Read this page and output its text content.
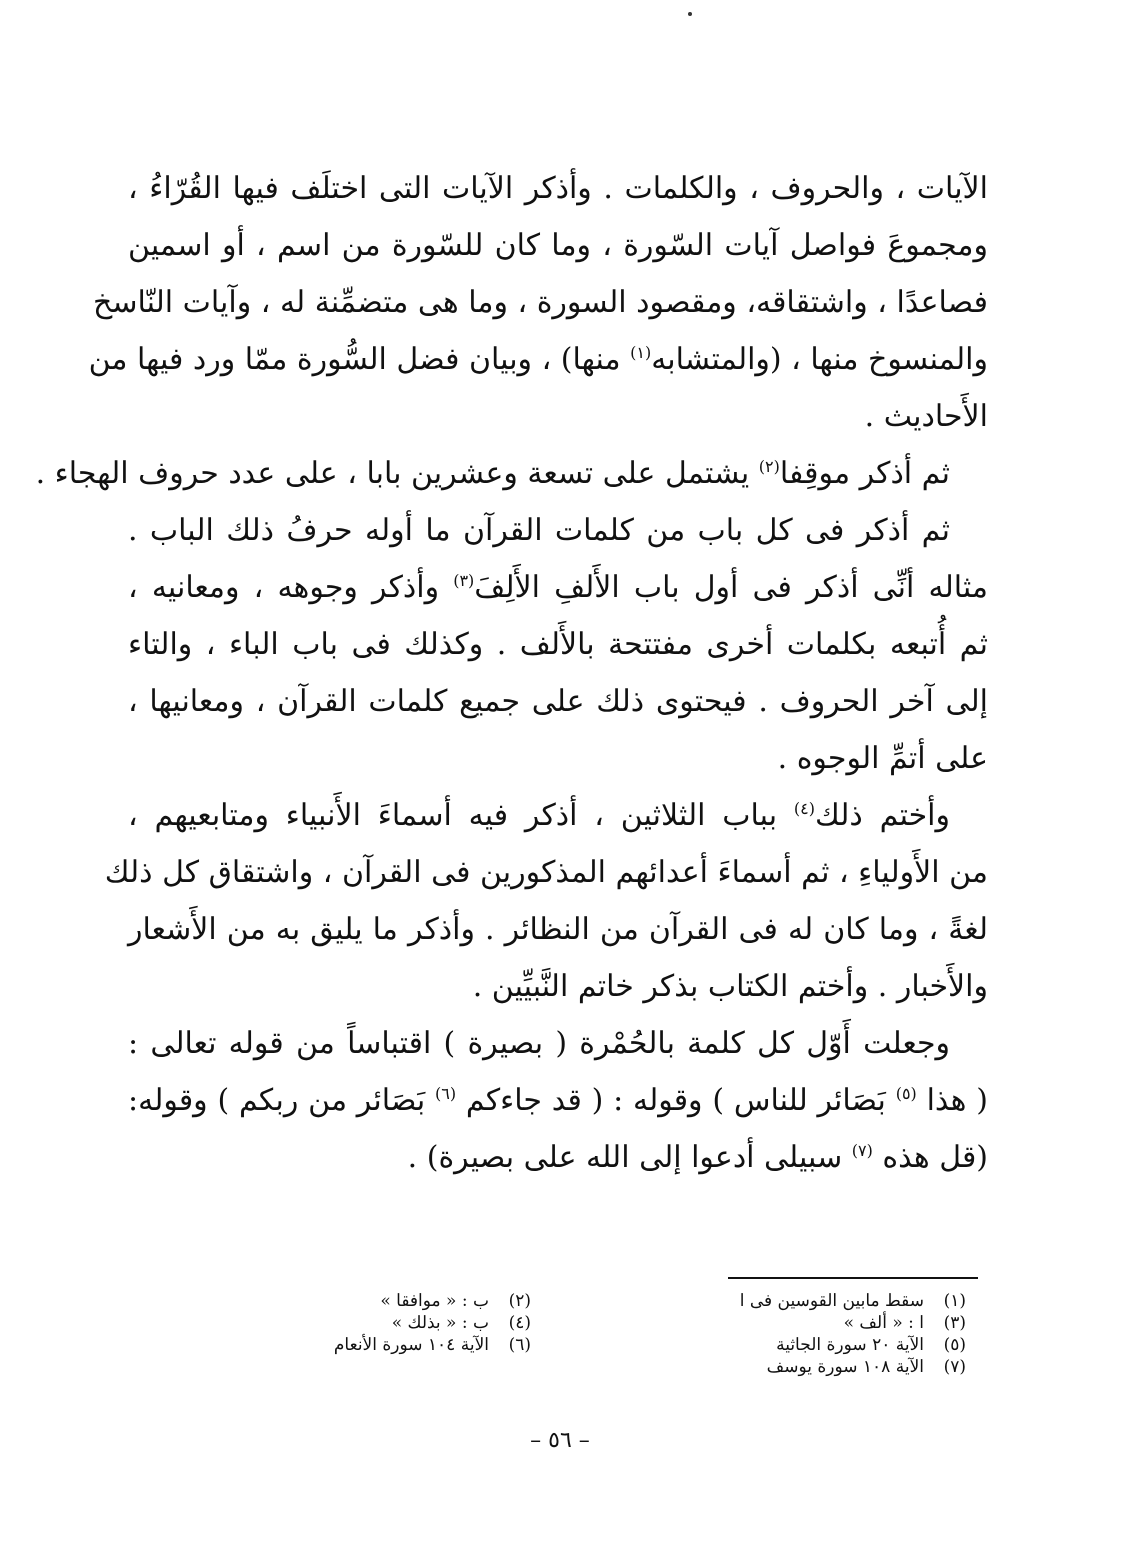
الآيات ، والحروف ، والكلمات . وأذكر الآيات التى اختلَف فيها القُرّاءُ ،
ومجموعَ فواصل آيات السّورة ، وما كان للسّورة من اسم ، أو اسمين
فصاعدًا ، واشتقاقه، ومقصود السورة ، وما هى متضمِّنة له ، وآيات النّاسخ
والمنسوخ منها ، (والمتشابه$^{(١)}$ منها) ، وبيان فضل السُّورة ممّا ورد فيها من
الأَحاديث .
ثم أذكر موقِفا$^{(٢)}$ يشتمل على تسعة وعشرين بابا ، على عدد حروف الهجاء .
ثم أذكر فى كل باب من كلمات القرآن ما أوله حرفُ ذلك الباب .
مثاله أنِّى أذكر فى أول باب الأَلفِ الأَلِفَ$^{(٣)}$ وأذكر وجوهه ، ومعانيه ،
ثم أُتبعه بكلمات أخرى مفتتحة بالأَلف . وكذلك فى باب الباء ، والتاء
إلى آخر الحروف . فيحتوى ذلك على جميع كلمات القرآن ، ومعانيها ،
على أتمِّ الوجوه .
وأختم ذلك$^{(٤)}$ بباب الثلاثين ، أذكر فيه أسماءَ الأَنبياء ومتابعيهم ،
من الأَولياءِ ، ثم أسماءَ أعدائهم المذكورين فى القرآن ، واشتقاق كل ذلك
لغةً ، وما كان له فى القرآن من النظائر . وأذكر ما يليق به من الأَشعار
والأَخبار . وأختم الكتاب بذكر خاتم النَّبيِّين .
وجعلت أَوّل كل كلمة بالحُمْرة ( بصيرة ) اقتباساً من قوله تعالى :
( هذا $^{(٥)}$ بَصَائر للناس ) وقوله : ( قد جاءكم $^{(٦)}$ بَصَائر من ربكم ) وقوله:
(قل هذه $^{(٧)}$ سبيلى أدعوا إلى الله على بصيرة) .
(١)سقط مابين القوسين فى ا
(٣)ا : « ألف »
(٥)الآية ٢٠ سورة الجاثية
(٧)الآية ١٠٨ سورة يوسف
(٢)ب : « موافقا »
(٤)ب : « بذلك »
(٦)الآية ١٠٤ سورة الأنعام
– ٥٦ –
